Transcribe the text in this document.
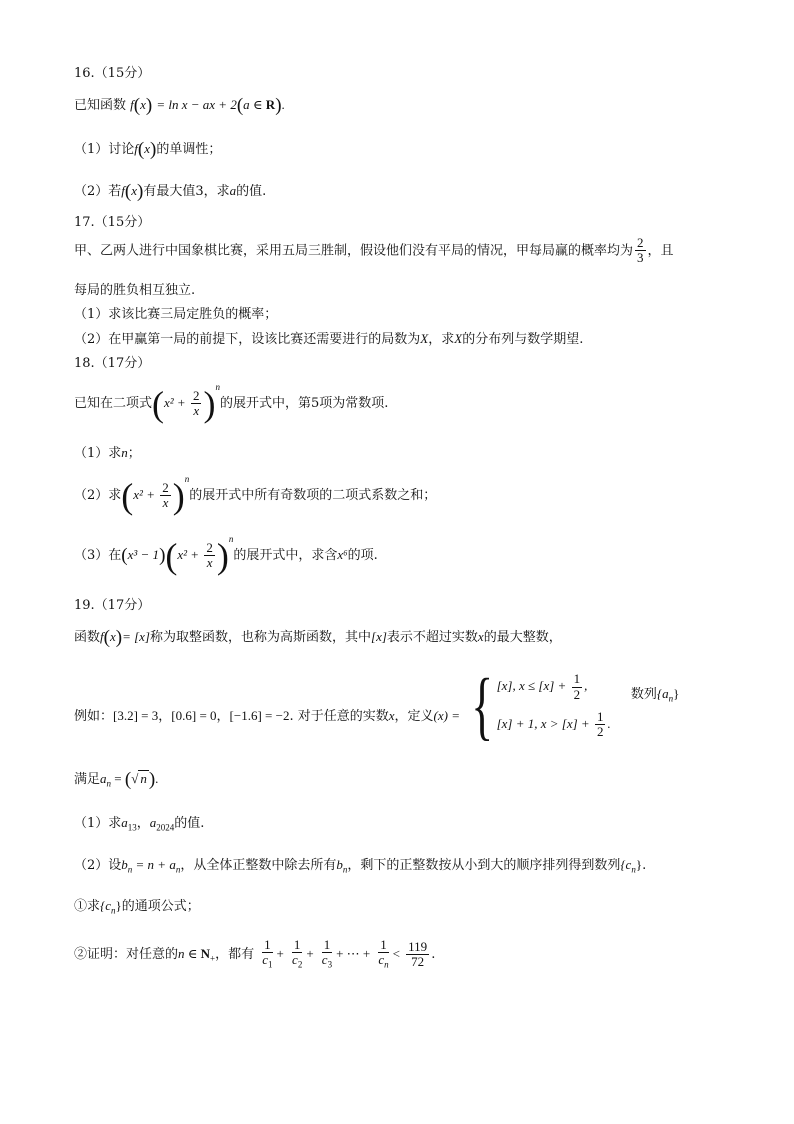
16.（15分）
已知函数 f(x) = ln x − ax + 2(a ∈ R).
（1）讨论f(x)的单调性；
（2）若f(x)有最大值3，求a的值.
17.（15分）
甲、乙两人进行中国象棋比赛，采用五局三胜制，假设他们没有平局的情况，甲每局赢的概率均为 $\frac{2}{3}$ ，且
每局的胜负相互独立.
（1）求该比赛三局定胜负的概率；
（2）在甲赢第一局的前提下，设该比赛还需要进行的局数为X，求X的分布列与数学期望.
18.（17分）
已知在二项式$(x^2 + \frac{2}{x} )^n$的展开式中，第5项为常数项.
（1）求n；
（2）求$(x^2 + \frac{2}{x} )^n$的展开式中所有奇数项的二项式系数之和；
（3）在$(x^3 - 1)(x^2 + \frac{2}{x} )^n$的展开式中，求含x⁶的项.
19.（17分）
函数f(x)= [x]称为取整函数，也称为高斯函数，其中[x]表示不超过实数x的最大整数，
例如：[3.2] = 3，[0.6] = 0，[−1.6] = −2. 对于任意的实数x，定义(x) = { [x], $x \le [x] + \frac{1}{2}$ ,
[x] + 1, $x > [x] + \frac{1}{2}$ .
数列$\{a_n\}$
满足$a_n$ = (√ n ).
（1）求$a_{13}$，$a_{2024}$的值.
（2）设$b_n = n + a_n$，从全体正整数中除去所有$b_n$，剩下的正整数按从小到大的顺序排列得到数列$\{c_n\}$.
①求$\{c_n\}$的通项公式；
②证明：对任意的n ∈ $N_+$，都有 $\frac{1}{c_1} + \frac{1}{c_2} + \frac{1}{c_3}$ + ⋯ + $\frac{1}{c_n} < \frac{119}{72}$ .
